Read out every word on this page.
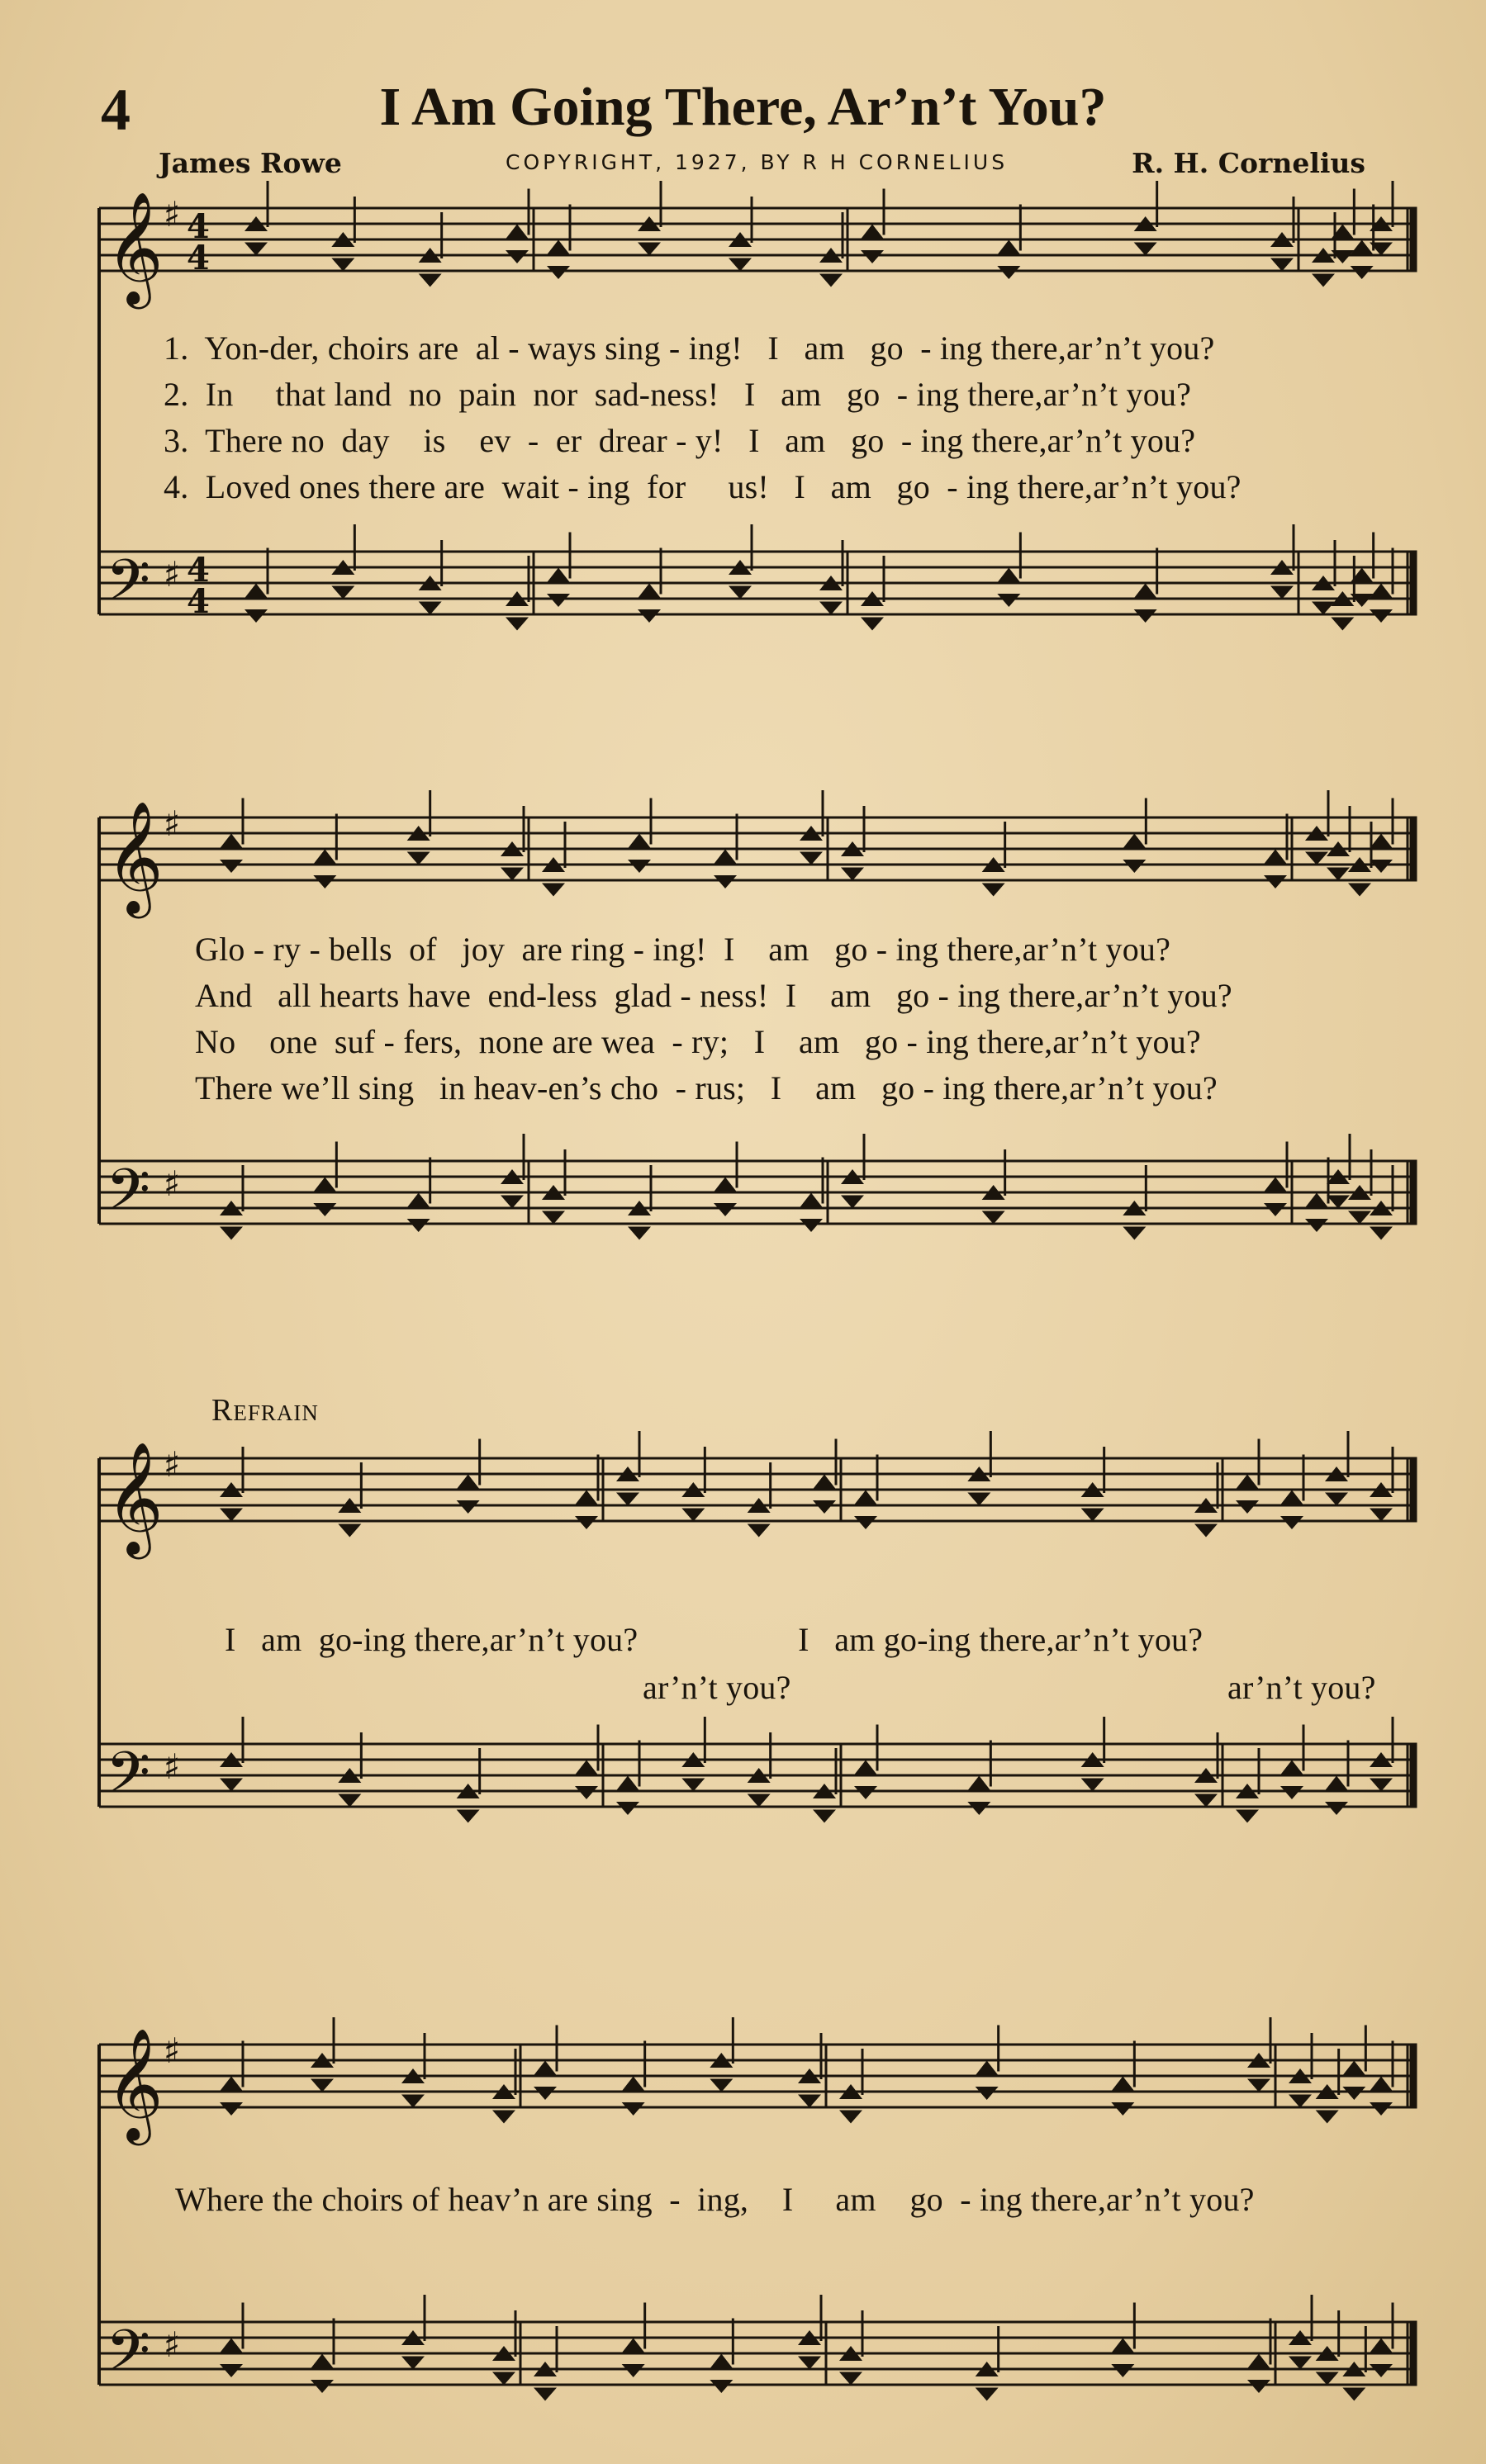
4	I Am Going There, Ar’n’t You?
James Rowe	COPYRIGHT, 1927, BY R H CORNELIUS	R. H. Cornelius
𝄞 ♯ 4
4
𝄢 ♯ 4
4
𝄞 ♯
𝄢 ♯
𝄞 ♯
𝄢 ♯
𝄞 ♯
𝄢 ♯
1.  Yon-der, choirs are  al - ways sing - ing!   I   am   go  - ing there,ar’n’t you?
2.  In     that land  no  pain  nor  sad-ness!   I   am   go  - ing there,ar’n’t you?
3.  There no  day    is    ev  -  er  drear - y!   I   am   go  - ing there,ar’n’t you?
4.  Loved ones there are  wait - ing  for     us!   I   am   go  - ing there,ar’n’t you?
Glo - ry - bells  of   joy  are ring - ing!  I    am   go - ing there,ar’n’t you?
And   all hearts have  end-less  glad - ness!  I    am   go - ing there,ar’n’t you?
No    one  suf - fers,  none are wea  - ry;   I    am   go - ing there,ar’n’t you?
There we’ll sing   in heav-en’s cho  - rus;   I    am   go - ing there,ar’n’t you?
Refrain
I   am  go-ing there,ar’n’t you?                   I   am go-ing there,ar’n’t you?
ar’n’t you?	ar’n’t you?
Where the choirs of heav’n are sing  -  ing,    I     am    go  - ing there,ar’n’t you?
